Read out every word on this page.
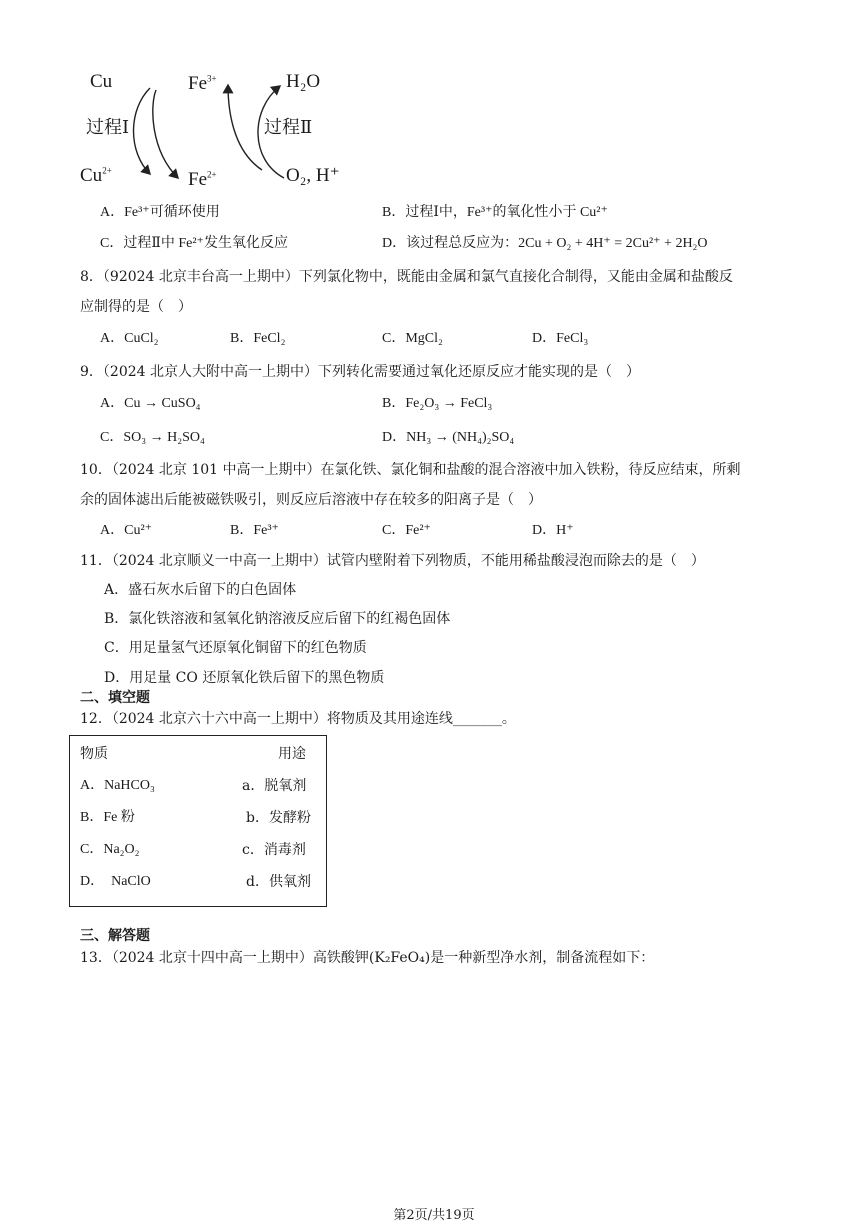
Cu
$Cu^{2+}$
$Fe^{3+}$
$Fe^{2+}$
H₂O
O₂, H⁺
过程Ⅰ	过程Ⅱ
A．Fe³⁺可循环使用	B．过程Ⅰ中，Fe³⁺的氧化性小于 Cu²⁺
C．过程Ⅱ中 Fe²⁺发生氧化反应	D．该过程总反应为：2Cu + O₂ + 4H⁺ = 2Cu²⁺ + 2H₂O
8．（92024 北京丰台高一上期中）下列氯化物中，既能由金属和氯气直接化合制得，又能由金属和盐酸反
应制得的是（　）
A．CuCl₂	B．FeCl₂	C．MgCl₂	D．FeCl₃
9．（2024 北京人大附中高一上期中）下列转化需要通过氧化还原反应才能实现的是（　）
A．Cu → CuSO₄	B．Fe₂O₃ → FeCl₃
C．SO₃ → H₂SO₄	D．NH₃ → (NH₄)₂SO₄
10．（2024 北京 101 中高一上期中）在氯化铁、氯化铜和盐酸的混合溶液中加入铁粉，待反应结束，所剩
余的固体滤出后能被磁铁吸引，则反应后溶液中存在较多的阳离子是（　）
A．Cu²⁺	B．Fe³⁺	C．Fe²⁺	D．H⁺
11．（2024 北京顺义一中高一上期中）试管内壁附着下列物质，不能用稀盐酸浸泡而除去的是（　）
A．盛石灰水后留下的白色固体
B．氯化铁溶液和氢氧化钠溶液反应后留下的红褐色固体
C．用足量氢气还原氧化铜留下的红色物质
D．用足量 CO 还原氧化铁后留下的黑色物质
二、填空题
12．（2024 北京六十六中高一上期中）将物质及其用途连线_______。
物质	用途
A．NaHCO₃	a．脱氧剂
B．Fe 粉	b．发酵粉
C．Na₂O₂	c．消毒剂
D．　NaClO	d．供氧剂
三、解答题
13．（2024 北京十四中高一上期中）高铁酸钾(K₂FeO₄)是一种新型净水剂，制备流程如下：
第2页/共19页
